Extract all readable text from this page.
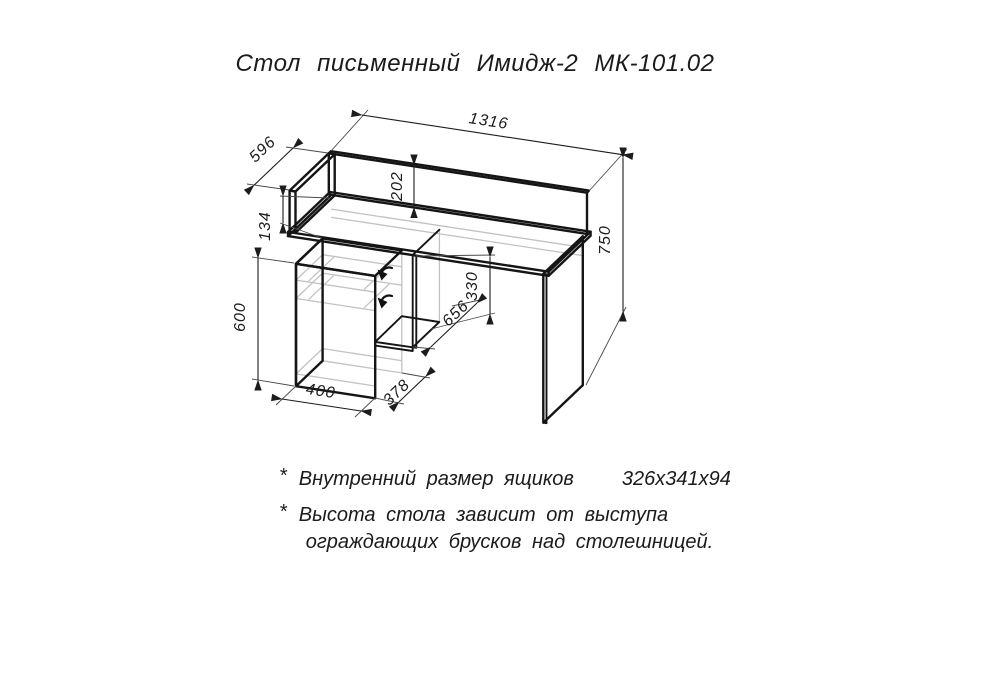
Стол письменный Имидж-2 МК-101.02
1316
596
202
750
134
600
330
656
400	378
* Внутренний размер ящиков 326х341х94
* Высота стола зависит от выступа
ограждающих брусков над столешницей.
